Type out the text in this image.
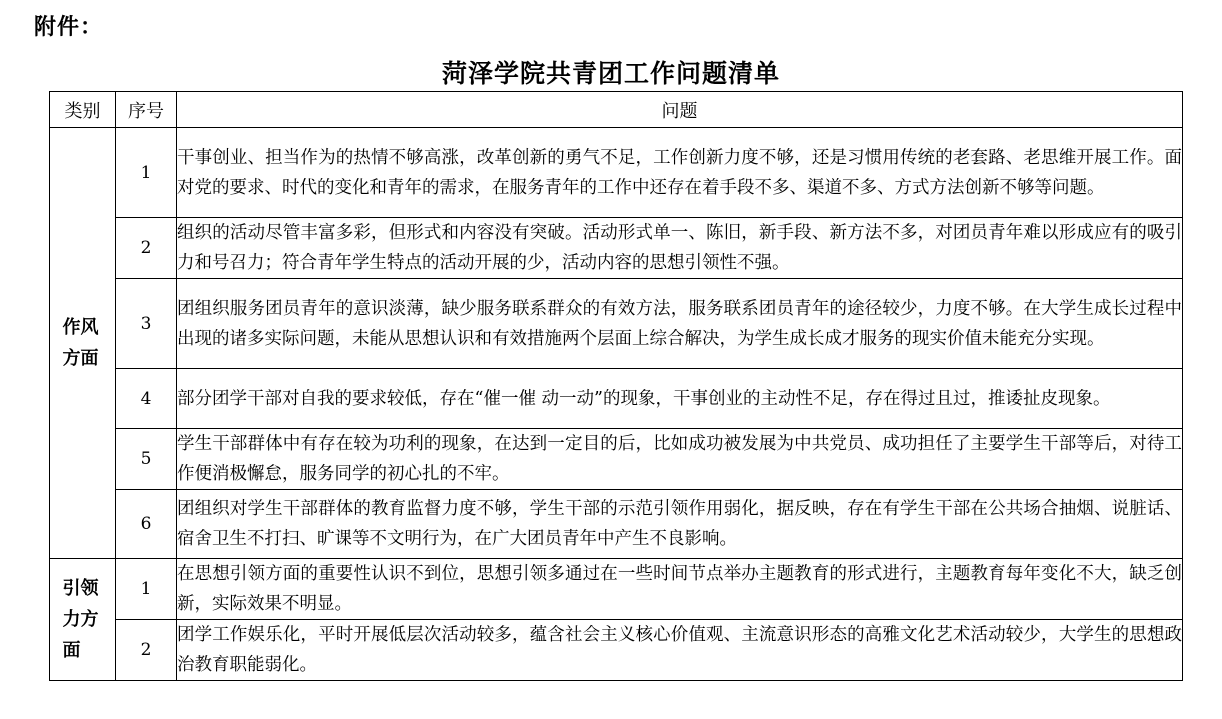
附件：
菏泽学院共青团工作问题清单
类别	序号	问题
作风方面	1	干事创业、担当作为的热情不够高涨，改革创新的勇气不足，工作创新力度不够，还是习惯用传统的老套路、老思维开展工作。面对党的要求、时代的变化和青年的需求，在服务青年的工作中还存在着手段不多、渠道不多、方式方法创新不够等问题。
	2	组织的活动尽管丰富多彩，但形式和内容没有突破。活动形式单一、陈旧，新手段、新方法不多，对团员青年难以形成应有的吸引力和号召力；符合青年学生特点的活动开展的少，活动内容的思想引领性不强。
	3	团组织服务团员青年的意识淡薄，缺少服务联系群众的有效方法，服务联系团员青年的途径较少，力度不够。在大学生成长过程中出现的诸多实际问题，未能从思想认识和有效措施两个层面上综合解决，为学生成长成才服务的现实价值未能充分实现。
	4	部分团学干部对自我的要求较低，存在“催一催 动一动”的现象，干事创业的主动性不足，存在得过且过，推诿扯皮现象。
	5	学生干部群体中有存在较为功利的现象，在达到一定目的后，比如成功被发展为中共党员、成功担任了主要学生干部等后，对待工作便消极懈怠，服务同学的初心扎的不牢。
	6	团组织对学生干部群体的教育监督力度不够，学生干部的示范引领作用弱化，据反映，存在有学生干部在公共场合抽烟、说脏话、宿舍卫生不打扫、旷课等不文明行为，在广大团员青年中产生不良影响。
引领力方面	1	在思想引领方面的重要性认识不到位，思想引领多通过在一些时间节点举办主题教育的形式进行，主题教育每年变化不大，缺乏创新，实际效果不明显。
	2	团学工作娱乐化，平时开展低层次活动较多，蕴含社会主义核心价值观、主流意识形态的高雅文化艺术活动较少，大学生的思想政治教育职能弱化。
